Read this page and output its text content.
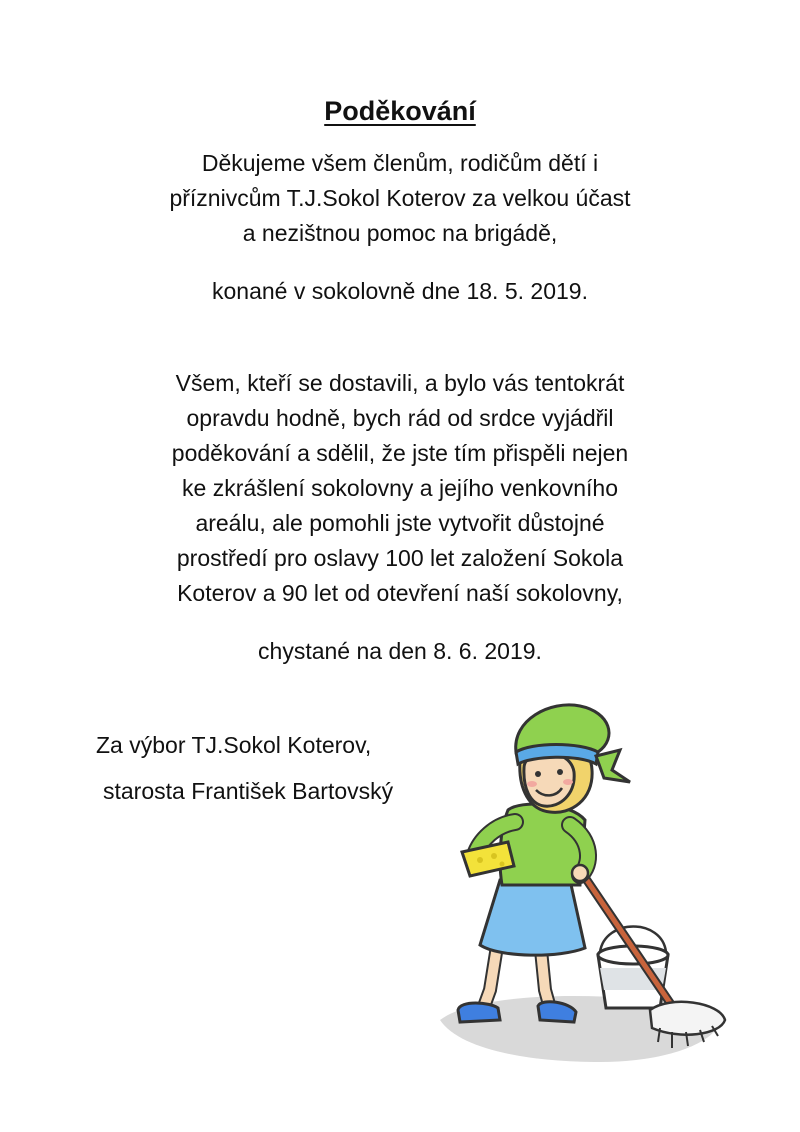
Poděkování

Děkujeme všem členům, rodičům dětí i
příznivcům T.J.Sokol Koterov za velkou účast
a nezištnou pomoc na brigádě,

konané v sokolovně dne 18. 5. 2019.

Všem, kteří se dostavili, a bylo vás tentokrát
opravdu hodně, bych rád od srdce vyjádřil
poděkování a sdělil, že jste tím přispěli nejen
ke zkrášlení sokolovny a jejího venkovního
areálu, ale pomohli jste vytvořit důstojné
prostředí pro oslavy 100 let založení Sokola
Koterov a 90 let od otevření naší sokolovny,

chystané na den 8. 6. 2019.

Za výbor TJ.Sokol Koterov,
starosta František Bartovský
